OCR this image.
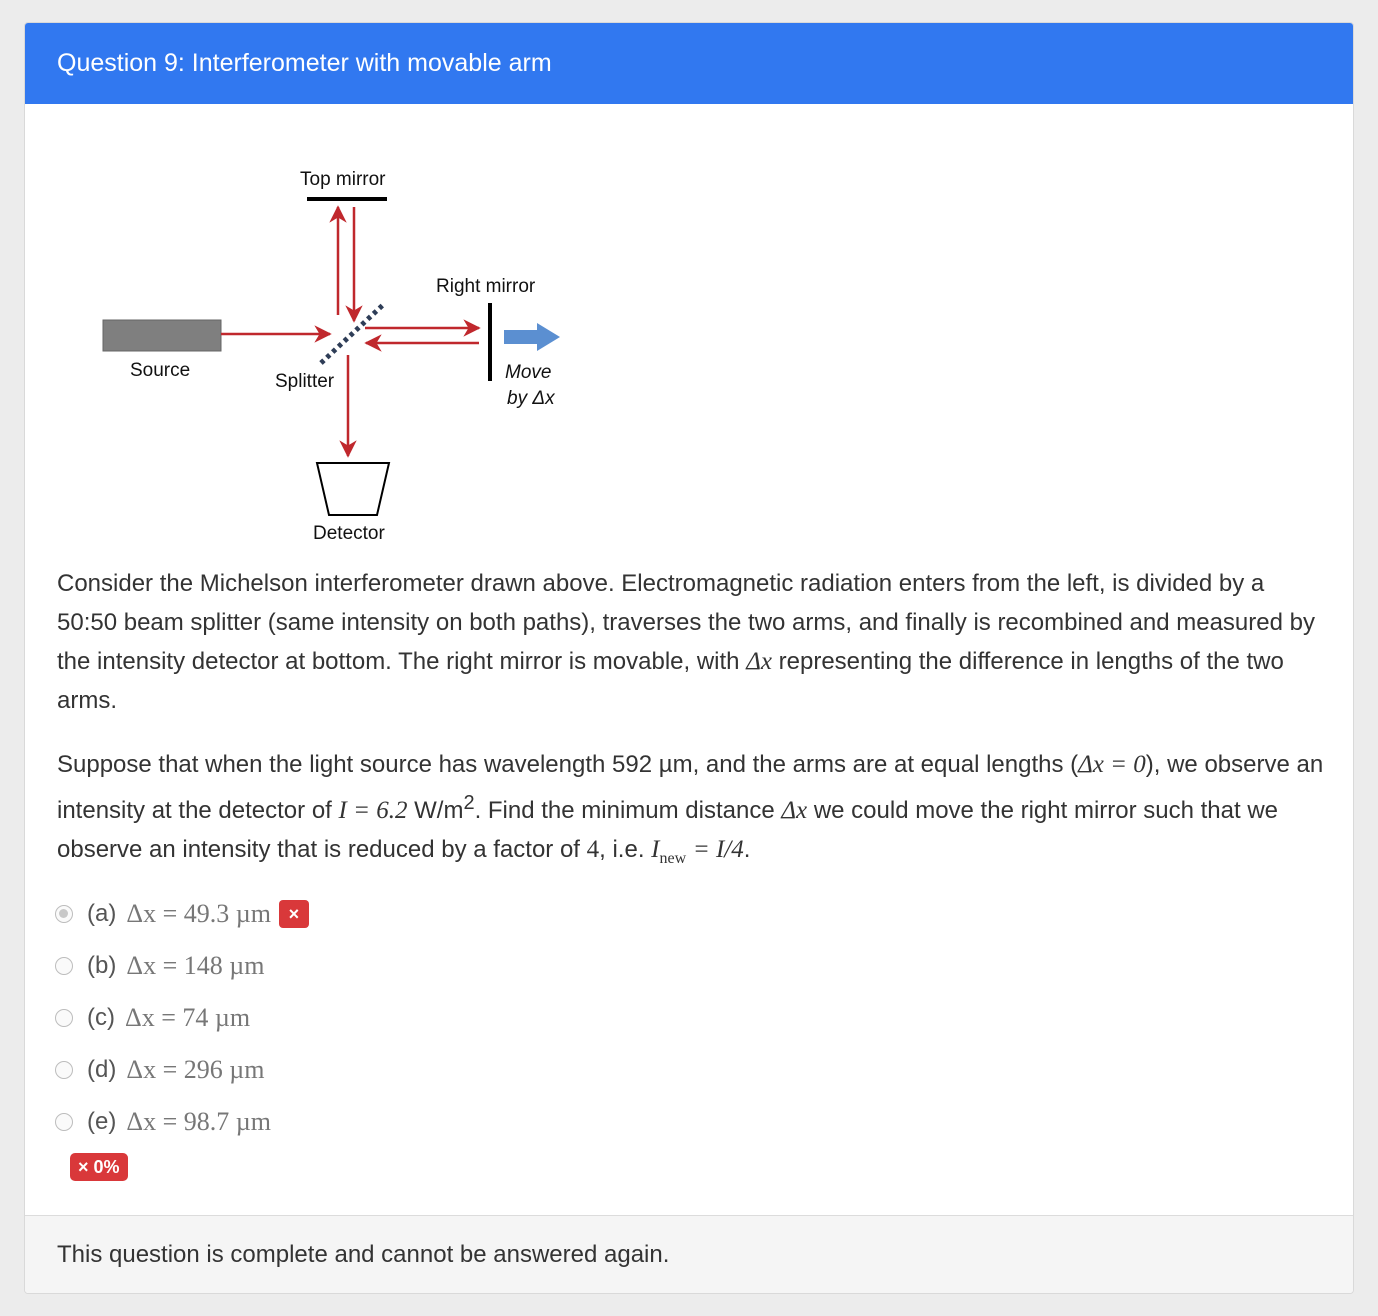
Question 9: Interferometer with movable arm
Top mirror
Source
Splitter
Right mirror
Move
by Δx
Detector

Consider the Michelson interferometer drawn above. Electromagnetic radiation enters from the left, is divided by a 50:50 beam splitter (same intensity on both paths), traverses the two arms, and finally is recombined and measured by the intensity detector at bottom. The right mirror is movable, with Δx representing the difference in lengths of the two arms.

Suppose that when the light source has wavelength 592 µm, and the arms are at equal lengths (Δx = 0), we observe an intensity at the detector of I = 6.2 $W/m^2$. Find the minimum distance Δx we could move the right mirror such that we observe an intensity that is reduced by a factor of 4, i.e. $I_{new} = I/4$.

(a) Δx = 49.3 µm ×
(b) Δx = 148 µm
(c) Δx = 74 µm
(d) Δx = 296 µm
(e) Δx = 98.7 µm
× 0%
This question is complete and cannot be answered again.
